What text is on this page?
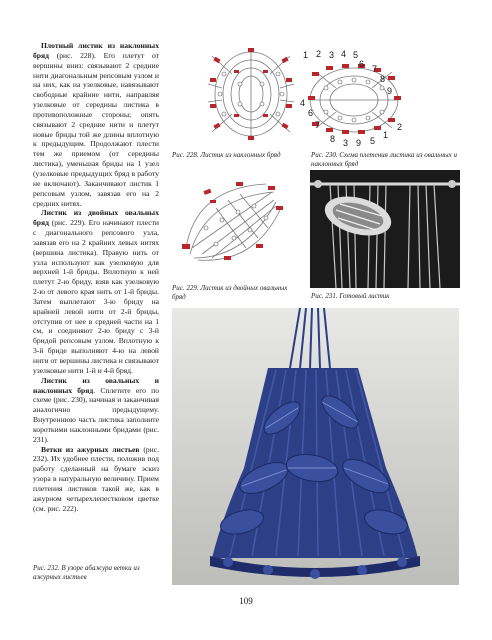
Плотный листик из наклонных бряд (рис. 228). Его плетут от вершины вниз: связывают 2 средние нити диагональным репсовым узлом и на них, как на узелковые, навязывают свободные крайние нити, направляя узелковые от середины листика в противоположные стороны; опять связывают 2 средние нити и плетут новые бриды той же длины вплотную к предыдущим. Продолжают плести тем же приемом (от середины листика), уменьшая бриды на 1 узел (узелковые предыдущих бряд в работу не включают). Заканчивают листик 1 репсовым узлом, завязав его на 2 средних нитях.

Листик из двойных овальных бряд (рис. 229). Его начинают плести с диагонального репсового узла, завязав его на 2 крайних левых нитях (вершина листика). Правую нить от узла используют как узелковую для верхней 1-й бриды. Вплотную к ней плетут 2-ю бриду, взяв как узелковую 2-ю от левого края нить от 1-й бриды. Затем выплетают 3-ю бриду на крайней левой нити от 2-й бриды, отступив от нее в средней части на 1 см, и соединяют 2-ю бриду с 3-й бридой репсовым узлом. Вплотную к 3-й бриде выполняют 4-ю на левой нити от вершины листика и связывают узелковые нити 1-й и 4-й бряд.

Листик из овальных и наклонных бряд. Сплетите его по схеме (рис. 230), начиная и заканчивая аналогично предыдущему. Внутреннюю часть листика заполните короткими наклонными бридами (рис. 231).

Ветки из ажурных листьев (рис. 232). Их удобнее плести, положив под работу сделанный на бумаге эскиз узора в натуральную величину. Прием плетения листиков такой же, как в ажурном четырехлепестковом цветке (см. рис. 222).

Рис. 228. Листик из наклонных бряд
1 2 3 4 5
6 7
8
9
4
6
7
8 3 9 5
1
2
Рис. 230. Схема плетения листика из овальных и наклонных бряд
Рис. 229. Листик из двойных овальных бряд	Рис. 231. Готовый листик
Рис. 232. В узоре абажура ветки из ажурных листьев
109
